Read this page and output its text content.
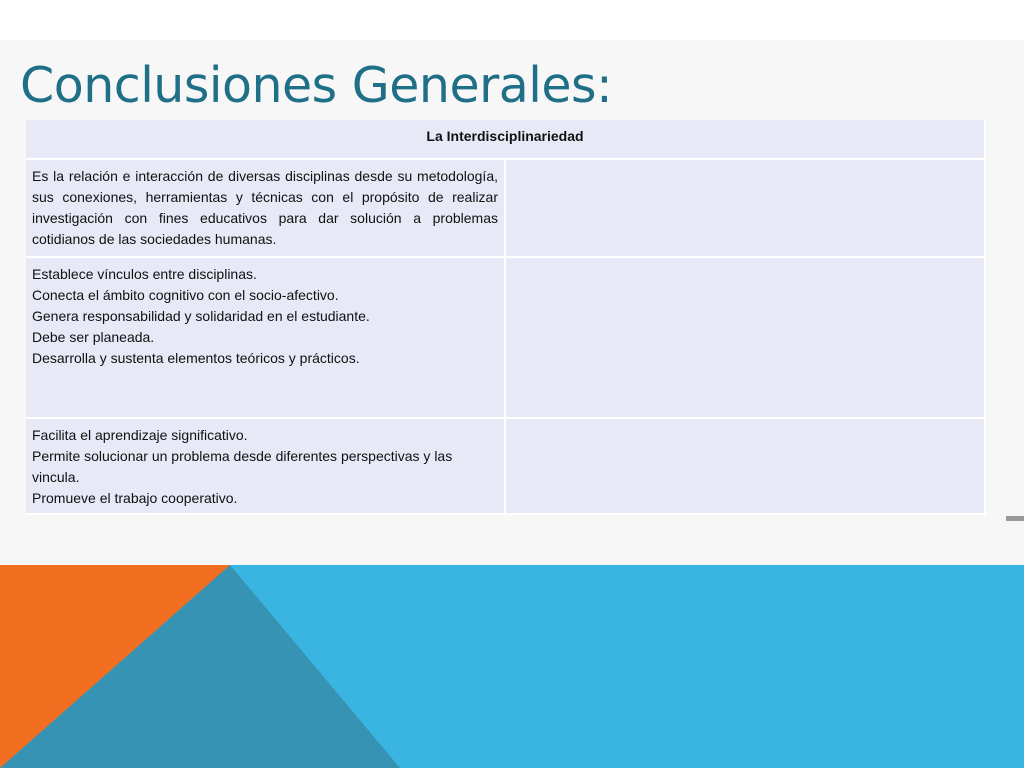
Conclusiones Generales:
La Interdisciplinariedad	
Es la relación e interacción de diversas disciplinas desde su metodología, sus conexiones, herramientas y técnicas con el propósito de realizar investigación con fines educativos para dar solución a problemas cotidianos de las sociedades humanas.	

Establece vínculos entre disciplinas.
Conecta el ámbito cognitivo con el socio-afectivo.
Genera responsabilidad y solidaridad en el estudiante.
Debe ser planeada.
Desarrolla y sustenta elementos teóricos y prácticos.	

Facilita el aprendizaje significativo.
Permite solucionar un problema desde diferentes perspectivas y las vincula.
Promueve el trabajo cooperativo.	
